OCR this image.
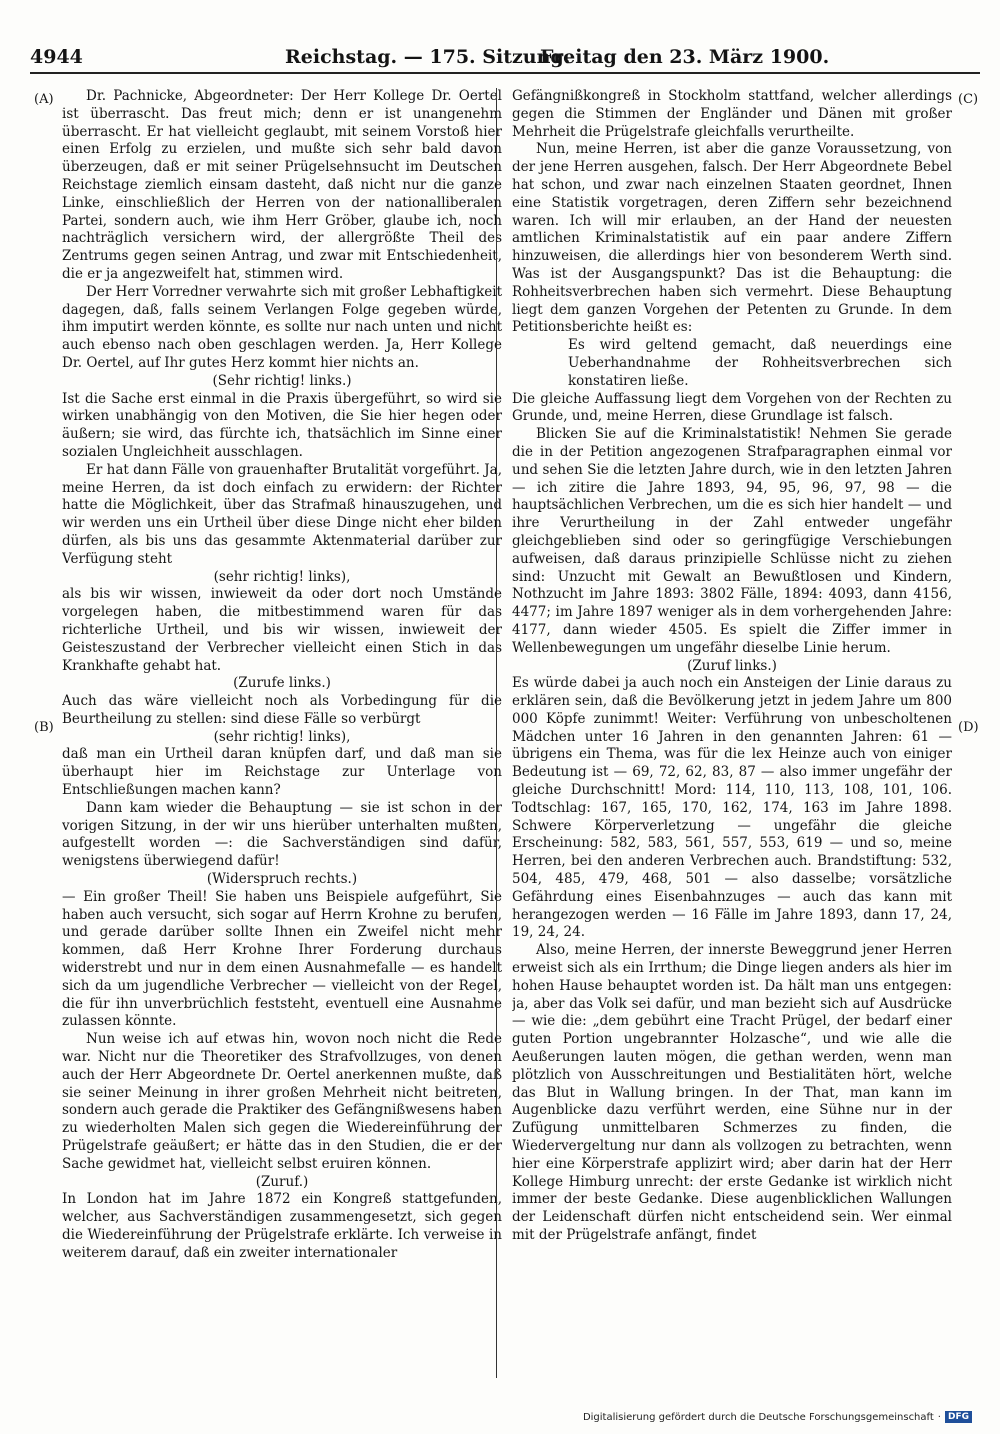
4944	Reichstag. — 175. Sitzung.
Freitag den 23. März 1900.
(A)
(B)
(C)
(D)

Dr. Pachnicke, Abgeordneter: Der Herr Kollege Dr. Oertel ist überrascht. Das freut mich; denn er ist unangenehm überrascht. Er hat vielleicht geglaubt, mit seinem Vorstoß hier einen Erfolg zu erzielen, und mußte sich sehr bald davon überzeugen, daß er mit seiner Prügelsehnsucht im Deutschen Reichstage ziemlich einsam dasteht, daß nicht nur die ganze Linke, einschließlich der Herren von der nationalliberalen Partei, sondern auch, wie ihm Herr Gröber, glaube ich, noch nachträglich versichern wird, der allergrößte Theil des Zentrums gegen seinen Antrag, und zwar mit Entschiedenheit, die er ja angezweifelt hat, stimmen wird.

Der Herr Vorredner verwahrte sich mit großer Lebhaftigkeit dagegen, daß, falls seinem Verlangen Folge gegeben würde, ihm imputirt werden könnte, es sollte nur nach unten und nicht auch ebenso nach oben geschlagen werden. Ja, Herr Kollege Dr. Oertel, auf Ihr gutes Herz kommt hier nichts an.

(Sehr richtig! links.)

Ist die Sache erst einmal in die Praxis übergeführt, so wird sie wirken unabhängig von den Motiven, die Sie hier hegen oder äußern; sie wird, das fürchte ich, thatsächlich im Sinne einer sozialen Ungleichheit ausschlagen.

Er hat dann Fälle von grauenhafter Brutalität vorgeführt. Ja, meine Herren, da ist doch einfach zu erwidern: der Richter hatte die Möglichkeit, über das Strafmaß hinauszugehen, und wir werden uns ein Urtheil über diese Dinge nicht eher bilden dürfen, als bis uns das gesammte Aktenmaterial darüber zur Verfügung steht

(sehr richtig! links),

als bis wir wissen, inwieweit da oder dort noch Umstände vorgelegen haben, die mitbestimmend waren für das richterliche Urtheil, und bis wir wissen, inwieweit der Geisteszustand der Verbrecher vielleicht einen Stich in das Krankhafte gehabt hat.

(Zurufe links.)

Auch das wäre vielleicht noch als Vorbedingung für die Beurtheilung zu stellen: sind diese Fälle so verbürgt

(sehr richtig! links),

daß man ein Urtheil daran knüpfen darf, und daß man sie überhaupt hier im Reichstage zur Unterlage von Entschließungen machen kann?

Dann kam wieder die Behauptung — sie ist schon in der vorigen Sitzung, in der wir uns hierüber unterhalten mußten, aufgestellt worden —: die Sachverständigen sind dafür, wenigstens überwiegend dafür!

(Widerspruch rechts.)

— Ein großer Theil! Sie haben uns Beispiele aufgeführt, Sie haben auch versucht, sich sogar auf Herrn Krohne zu berufen, und gerade darüber sollte Ihnen ein Zweifel nicht mehr kommen, daß Herr Krohne Ihrer Forderung durchaus widerstrebt und nur in dem einen Ausnahmefalle — es handelt sich da um jugendliche Verbrecher — vielleicht von der Regel, die für ihn unverbrüchlich feststeht, eventuell eine Ausnahme zulassen könnte.

Nun weise ich auf etwas hin, wovon noch nicht die Rede war. Nicht nur die Theoretiker des Strafvollzuges, von denen auch der Herr Abgeordnete Dr. Oertel anerkennen mußte, daß sie seiner Meinung in ihrer großen Mehrheit nicht beitreten, sondern auch gerade die Praktiker des Gefängnißwesens haben zu wiederholten Malen sich gegen die Wiedereinführung der Prügelstrafe geäußert; er hätte das in den Studien, die er der Sache gewidmet hat, vielleicht selbst eruiren können.

(Zuruf.)

In London hat im Jahre 1872 ein Kongreß stattgefunden, welcher, aus Sachverständigen zusammengesetzt, sich gegen die Wiedereinführung der Prügelstrafe erklärte. Ich verweise in weiterem darauf, daß ein zweiter internationaler

Gefängnißkongreß in Stockholm stattfand, welcher allerdings gegen die Stimmen der Engländer und Dänen mit großer Mehrheit die Prügelstrafe gleichfalls verurtheilte.

Nun, meine Herren, ist aber die ganze Voraussetzung, von der jene Herren ausgehen, falsch. Der Herr Abgeordnete Bebel hat schon, und zwar nach einzelnen Staaten geordnet, Ihnen eine Statistik vorgetragen, deren Ziffern sehr bezeichnend waren. Ich will mir erlauben, an der Hand der neuesten amtlichen Kriminalstatistik auf ein paar andere Ziffern hinzuweisen, die allerdings hier von besonderem Werth sind. Was ist der Ausgangspunkt? Das ist die Behauptung: die Rohheitsverbrechen haben sich vermehrt. Diese Behauptung liegt dem ganzen Vorgehen der Petenten zu Grunde. In dem Petitionsberichte heißt es:

Es wird geltend gemacht, daß neuerdings eine Ueberhandnahme der Rohheitsverbrechen sich konstatiren ließe.

Die gleiche Auffassung liegt dem Vorgehen von der Rechten zu Grunde, und, meine Herren, diese Grundlage ist falsch.

Blicken Sie auf die Kriminalstatistik! Nehmen Sie gerade die in der Petition angezogenen Strafparagraphen einmal vor und sehen Sie die letzten Jahre durch, wie in den letzten Jahren — ich zitire die Jahre 1893, 94, 95, 96, 97, 98 — die hauptsächlichen Verbrechen, um die es sich hier handelt — und ihre Verurtheilung in der Zahl entweder ungefähr gleichgeblieben sind oder so geringfügige Verschiebungen aufweisen, daß daraus prinzipielle Schlüsse nicht zu ziehen sind: Unzucht mit Gewalt an Bewußtlosen und Kindern, Nothzucht im Jahre 1893: 3802 Fälle, 1894: 4093, dann 4156, 4477; im Jahre 1897 weniger als in dem vorhergehenden Jahre: 4177, dann wieder 4505. Es spielt die Ziffer immer in Wellenbewegungen um ungefähr dieselbe Linie herum.

(Zuruf links.)

Es würde dabei ja auch noch ein Ansteigen der Linie daraus zu erklären sein, daß die Bevölkerung jetzt in jedem Jahre um 800 000 Köpfe zunimmt! Weiter: Verführung von unbescholtenen Mädchen unter 16 Jahren in den genannten Jahren: 61 — übrigens ein Thema, was für die lex Heinze auch von einiger Bedeutung ist — 69, 72, 62, 83, 87 — also immer ungefähr der gleiche Durchschnitt! Mord: 114, 110, 113, 108, 101, 106. Todtschlag: 167, 165, 170, 162, 174, 163 im Jahre 1898. Schwere Körperverletzung — ungefähr die gleiche Erscheinung: 582, 583, 561, 557, 553, 619 — und so, meine Herren, bei den anderen Verbrechen auch. Brandstiftung: 532, 504, 485, 479, 468, 501 — also dasselbe; vorsätzliche Gefährdung eines Eisenbahnzuges — auch das kann mit herangezogen werden — 16 Fälle im Jahre 1893, dann 17, 24, 19, 24, 24.

Also, meine Herren, der innerste Beweggrund jener Herren erweist sich als ein Irrthum; die Dinge liegen anders als hier im hohen Hause behauptet worden ist. Da hält man uns entgegen: ja, aber das Volk sei dafür, und man bezieht sich auf Ausdrücke — wie die: „dem gebührt eine Tracht Prügel, der bedarf einer guten Portion ungebrannter Holzasche“, und wie alle die Aeußerungen lauten mögen, die gethan werden, wenn man plötzlich von Ausschreitungen und Bestialitäten hört, welche das Blut in Wallung bringen. In der That, man kann im Augenblicke dazu verführt werden, eine Sühne nur in der Zufügung unmittelbaren Schmerzes zu finden, die Wiedervergeltung nur dann als vollzogen zu betrachten, wenn hier eine Körperstrafe applizirt wird; aber darin hat der Herr Kollege Himburg unrecht: der erste Gedanke ist wirklich nicht immer der beste Gedanke. Diese augenblicklichen Wallungen der Leidenschaft dürfen nicht entscheidend sein. Wer einmal mit der Prügelstrafe anfängt, findet

Digitalisierung gefördert durch die Deutsche Forschungsgemeinschaft · DFG
